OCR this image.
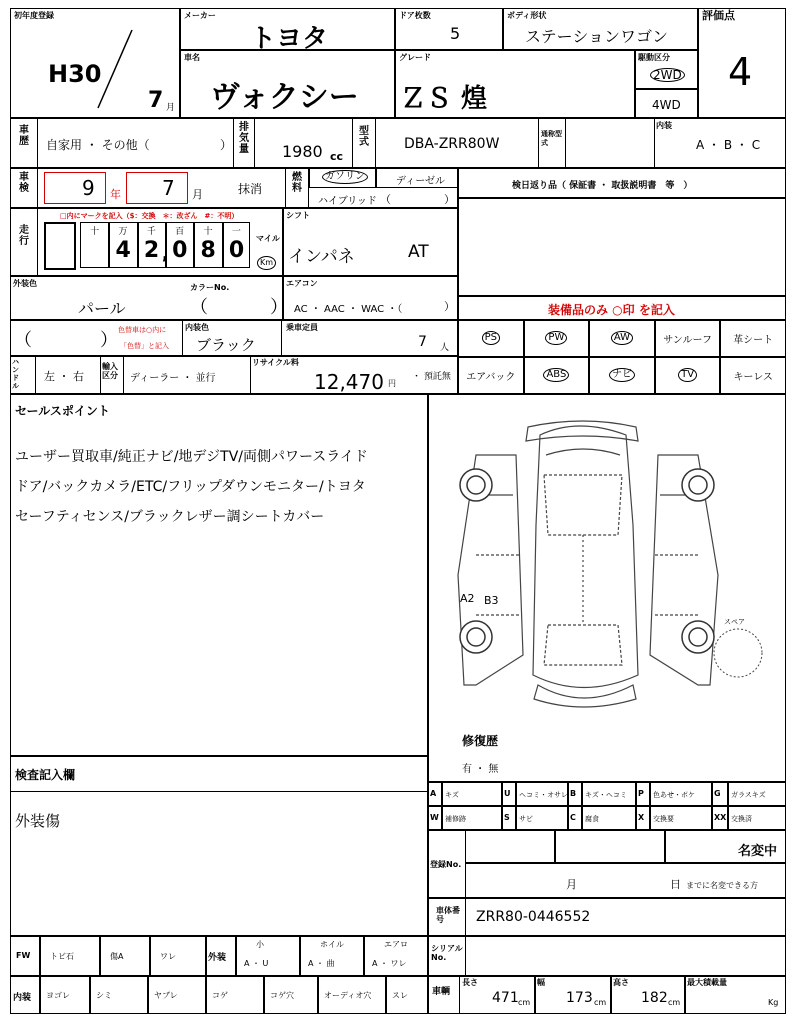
初年度登録
H30
7 月
メーカー
トヨタ
ドア枚数
5
ボディ形状
ステーションワゴン
評価点
4
車名
ヴォクシー
グレード
ＺＳ 煌
駆動区分
2WD
4WD
車歴 自家用 ・ その他（	）
排気量 1980 cc
型式	DBA-ZRR80W
通称型式
内装
A ・ B ・ C
車検	9 年 7 月	抹消
燃料
ガソリン	ディーゼル
ハイブリッド （	）
検日返り品（ 保証書 ・ 取扱説明書　等　）
走行
□内にマークを記入（$：交換　＊：改ざん　#：不明）
十 万
4
千
2
百
0
十
8
一
0
,
マイル
Km
シフト
インパネ	AT
外装色
パール
カラーNo.
（	）
エアコン
AC ・ AAC ・ WAC ・（	）	装備品のみ ○印 を記入
（	） 色替車は○内に
「色替」と記入
内装色
ブラック
乗車定員
7 人
ハンドル
左 ・ 右
輸入区分	ディーラー ・ 並行
リサイクル料
12,470 円
・ 預託無
PS	PW	AW	サンルーフ	革シート
エアバック	ABS	ナビ	TV	キーレス
セールスポイント
ユーザー買取車/純正ナビ/地デジTV/両側パワースライド
ドア/バックカメラ/ETC/フリップダウンモニター/トヨタ
セーフティセンス/ブラックレザー調シートカバー
A2 B3
スペア
修復歴
有 ・ 無
検査記入欄
外装傷
A キズ	U ヘコミ・オサレ B キズ・ヘコミ P 色あせ・ボケ G ガラスキズ
W 補修跡	S サビ	C 腐食	X 交換要	XX 交換済
登録No.
名変中
月	日 までに名変できる方
車体番号	ZRR80-0446552
FW トビ石	傷A	ワレ	外装
小
A ・ U
ホイル
A ・ 曲
エアロ
A ・ ワレ
シリアルNo.
内装 ヨゴレ	シミ	ヤブレ	コゲ	コゲ穴	オーディオ穴	スレ	車輌
長さ
471 cm
幅
173 cm
高さ
182 cm
最大積載量
Kg
